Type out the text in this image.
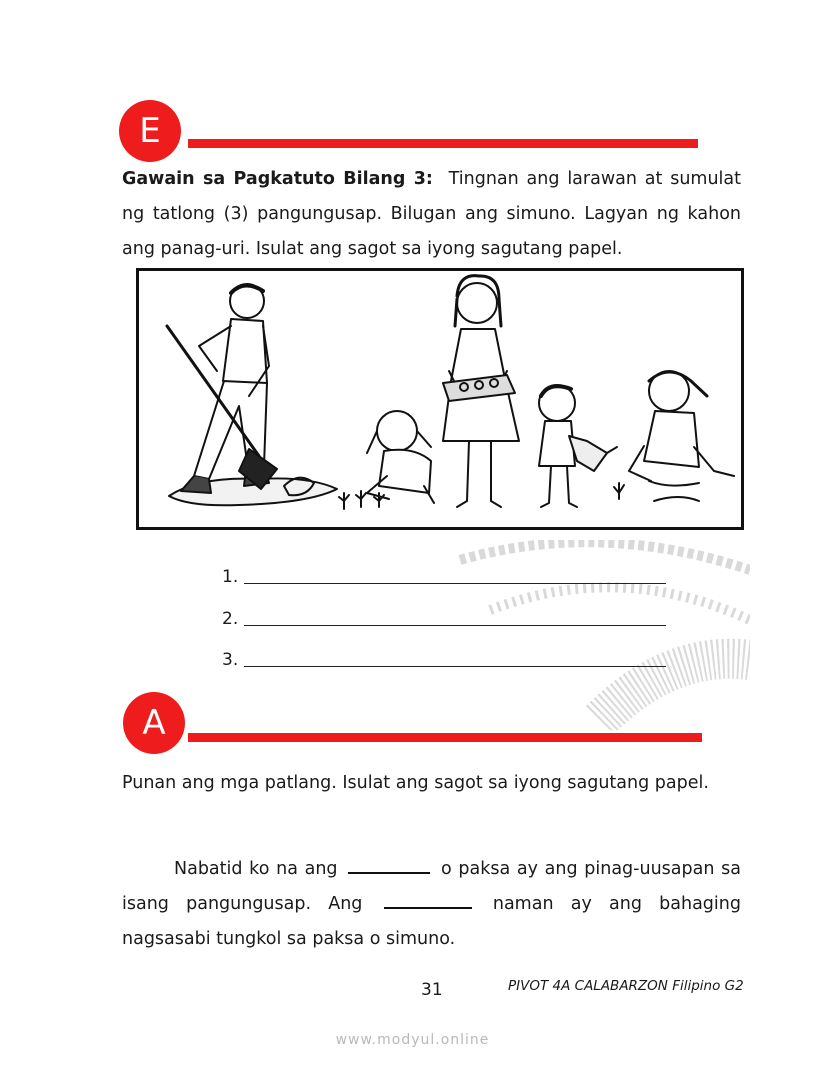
E

Gawain sa Pagkatuto Bilang 3: Tingnan ang larawan at sumulat ng tatlong (3) pangungusap. Bilugan ang simuno. Lagyan ng kahon ang panag-uri. Isulat ang sagot sa iyong sagutang papel.

1.
2.
3.
A

Punan ang mga patlang. Isulat ang sagot sa iyong sagutang papel.

Nabatid ko na ang	o paksa ay ang pinag-uusapan sa isang pangungusap. Ang	naman ay ang bahaging nagsasabi tungkol sa paksa o simuno.

31	PIVOT 4A CALABARZON Filipino G2
www.modyul.online
